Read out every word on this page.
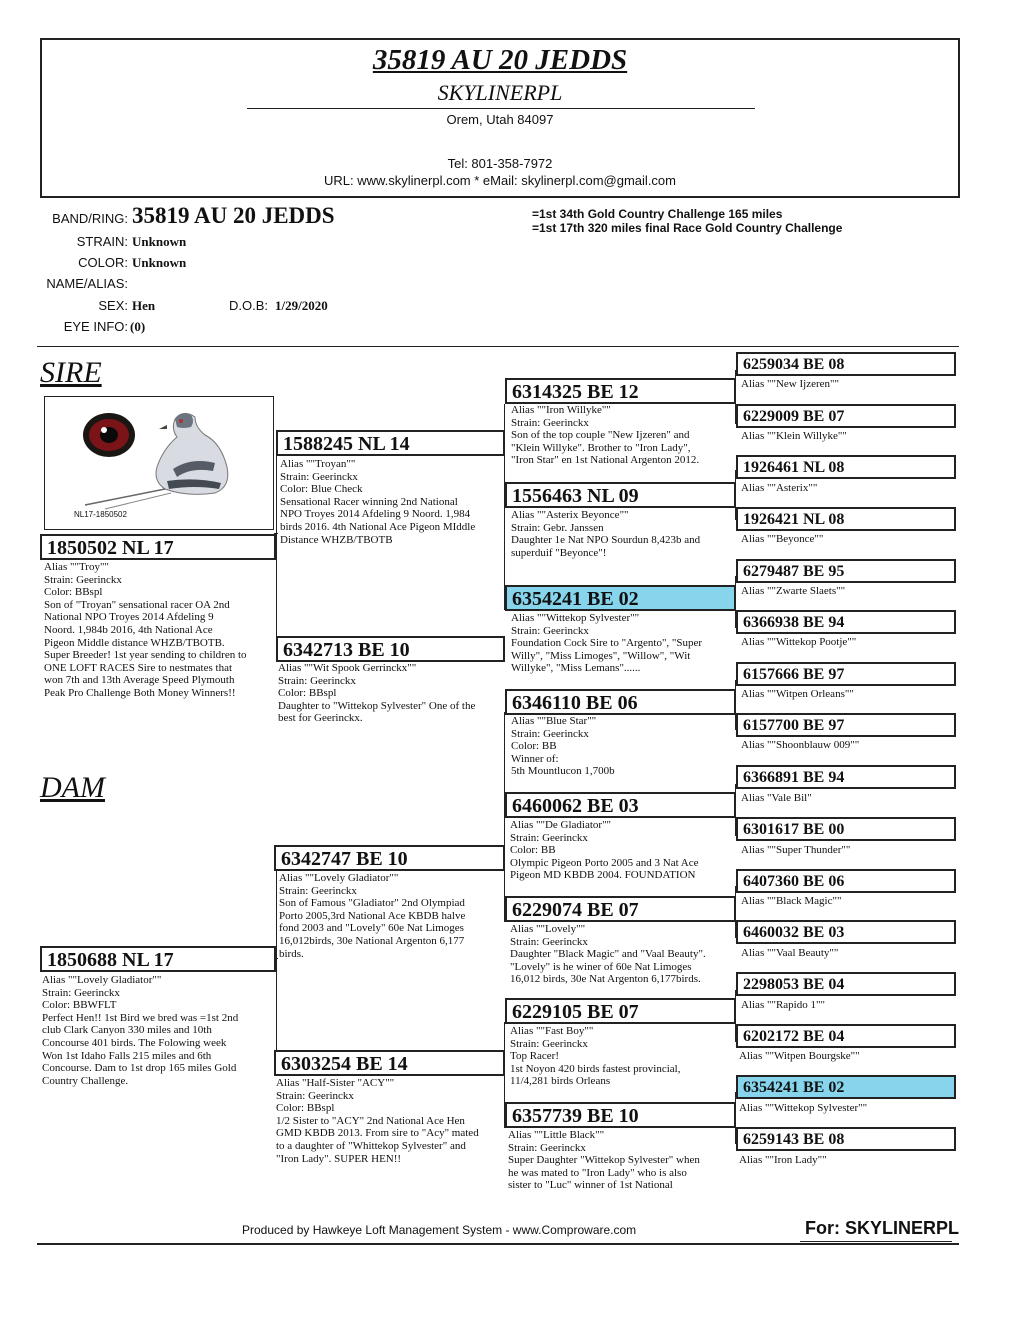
35819 AU 20 JEDDS
SKYLINERPL
Orem, Utah 84097
Tel: 801-358-7972
URL: www.skylinerpl.com * eMail: skylinerpl.com@gmail.com
BAND/RING: 35819 AU 20 JEDDS
STRAIN: Unknown
COLOR: Unknown
NAME/ALIAS:
SEX: Hen	D.O.B: 1/29/2020
EYE INFO: (0)
=1st 34th Gold Country Challenge 165 miles
=1st 17th 320 miles final Race Gold Country Challenge
SIRE
DAM
NL17-1850502
1850502 NL 17
Alias ""Troy""
Strain: Geerinckx
Color: BBspl
Son of "Troyan" sensational racer OA 2nd
National NPO Troyes 2014 Afdeling 9
Noord. 1,984b 2016, 4th National Ace
Pigeon Middle distance WHZB/TBOTB.
Super Breeder! 1st year sending to children to
ONE LOFT RACES Sire to nestmates that
won 7th and 13th Average Speed Plymouth
Peak Pro Challenge Both Money Winners!!
1850688 NL 17
Alias ""Lovely Gladiator""
Strain: Geerinckx
Color: BBWFLT
Perfect Hen!! 1st Bird we bred was =1st 2nd
club Clark Canyon 330 miles and 10th
Concourse 401 birds. The Folowing week
Won 1st Idaho Falls 215 miles and 6th
Concourse. Dam to 1st drop 165 miles Gold
Country Challenge.
1588245 NL 14
Alias ""Troyan""
Strain: Geerinckx
Color: Blue Check
Sensational Racer winning 2nd National
NPO Troyes 2014 Afdeling 9 Noord. 1,984
birds 2016. 4th National Ace Pigeon MIddle
Distance WHZB/TBOTB
6342713 BE 10
Alias ""Wit Spook Gerrinckx""
Strain: Geerinckx
Color: BBspl
Daughter to "Wittekop Sylvester" One of the
best for Geerinckx.
6342747 BE 10
Alias ""Lovely Gladiator""
Strain: Geerinckx
Son of Famous "Gladiator" 2nd Olympiad
Porto 2005,3rd National Ace KBDB halve
fond 2003 and "Lovely" 60e Nat Limoges
16,012birds, 30e National Argenton 6,177
birds.
6303254 BE 14
Alias "Half-Sister "ACY""
Strain: Geerinckx
Color: BBspl
1/2 Sister to "ACY" 2nd National Ace Hen
GMD KBDB 2013. From sire to "Acy" mated
to a daughter of "Whittekop Sylvester" and
"Iron Lady". SUPER HEN!!
6314325 BE 12
Alias ""Iron Willyke""
Strain: Geerinckx
Son of the top couple "New Ijzeren" and
"Klein Willyke". Brother to "Iron Lady",
"Iron Star" en 1st National Argenton 2012.
1556463 NL 09
Alias ""Asterix Beyonce""
Strain: Gebr. Janssen
Daughter 1e Nat NPO Sourdun 8,423b and
superduif "Beyonce"!
6354241 BE 02
Alias ""Wittekop Sylvester""
Strain: Geerinckx
Foundation Cock Sire to "Argento", "Super
Willy", "Miss Limoges", "Willow", "Wit
Willyke", "Miss Lemans"......
6346110 BE 06
Alias ""Blue Star""
Strain: Geerinckx
Color: BB
Winner of:
5th Mountlucon 1,700b
6460062 BE 03
Alias ""De Gladiator""
Strain: Geerinckx
Color: BB
Olympic Pigeon Porto 2005 and 3 Nat Ace
Pigeon MD KBDB 2004. FOUNDATION
6229074 BE 07
Alias ""Lovely""
Strain: Geerinckx
Daughter "Black Magic" and "Vaal Beauty".
"Lovely" is he winer of 60e Nat Limoges
16,012 birds, 30e Nat Argenton 6,177birds.
6229105 BE 07
Alias ""Fast Boy""
Strain: Geerinckx
Top Racer!
1st Noyon 420 birds fastest provincial,
11/4,281 birds Orleans
6357739 BE 10
Alias ""Little Black""
Strain: Geerinckx
Super Daughter "Wittekop Sylvester" when
he was mated to "Iron Lady" who is also
sister to "Luc" winner of 1st National
6259034 BE 08
Alias ""New Ijzeren""
6229009 BE 07
Alias ""Klein Willyke""
1926461 NL 08
Alias ""Asterix""
1926421 NL 08
Alias ""Beyonce""
6279487 BE 95
Alias ""Zwarte Slaets""
6366938 BE 94
Alias ""Wittekop Pootje""
6157666 BE 97
Alias ""Witpen Orleans""
6157700 BE 97
Alias ""Shoonblauw 009""
6366891 BE 94
Alias "Vale Bil"
6301617 BE 00
Alias ""Super Thunder""
6407360 BE 06
Alias ""Black Magic""
6460032 BE 03
Alias ""Vaal Beauty""
2298053 BE 04
Alias ""Rapido 1""
6202172 BE 04
Alias ""Witpen Bourgske""
6354241 BE 02
Alias ""Wittekop Sylvester""
6259143 BE 08
Alias ""Iron Lady""
Produced by Hawkeye Loft Management System - www.Comproware.com	For: SKYLINERPL
